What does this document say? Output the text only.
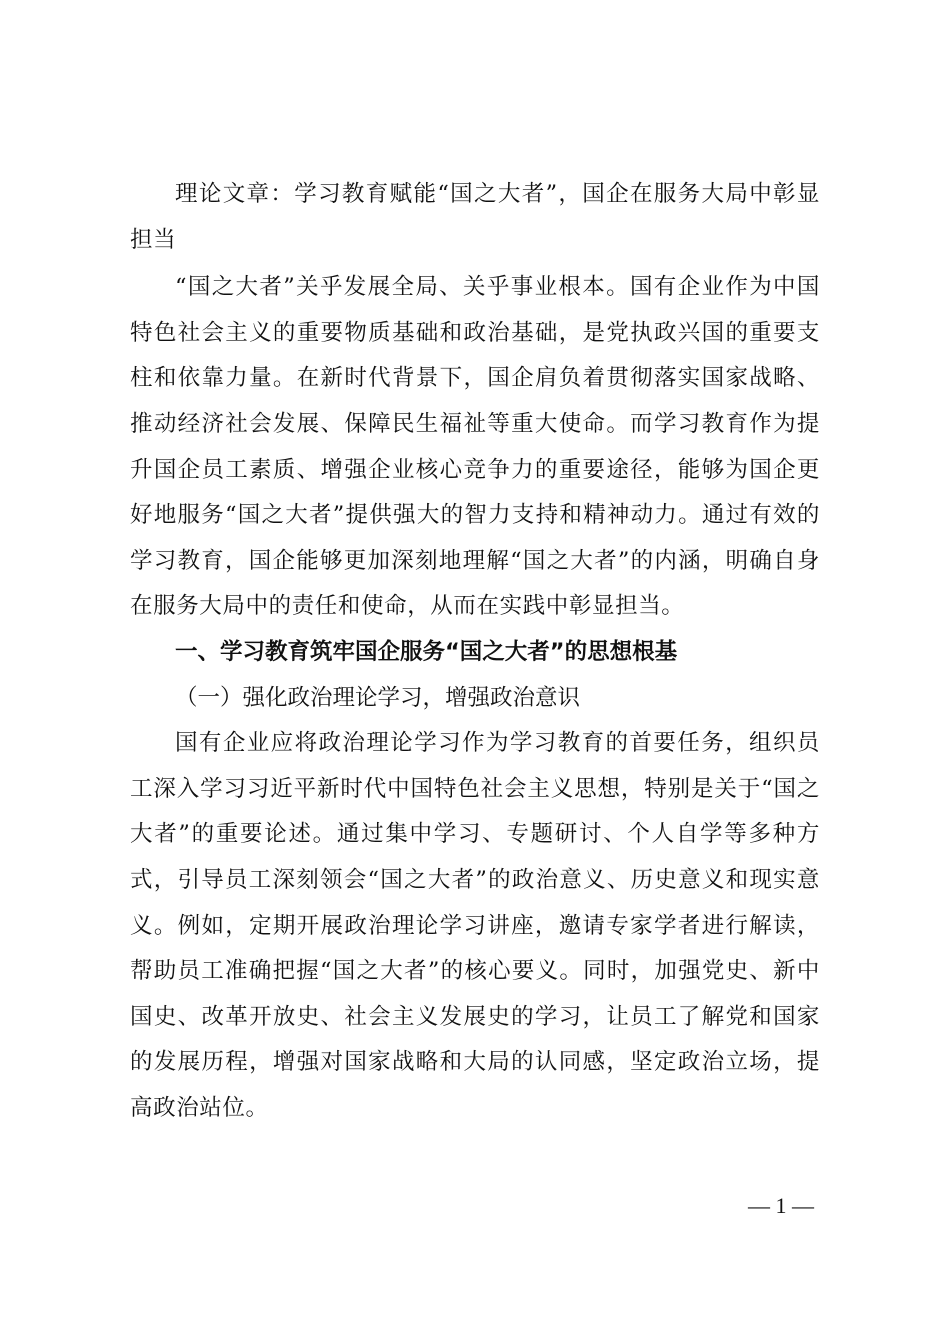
理论文章：学习教育赋能“国之大者”，国企在服务大局中彰显担当

“国之大者”关乎发展全局、关乎事业根本。国有企业作为中国特色社会主义的重要物质基础和政治基础，是党执政兴国的重要支柱和依靠力量。在新时代背景下，国企肩负着贯彻落实国家战略、推动经济社会发展、保障民生福祉等重大使命。而学习教育作为提升国企员工素质、增强企业核心竞争力的重要途径，能够为国企更好地服务“国之大者”提供强大的智力支持和精神动力。通过有效的学习教育，国企能够更加深刻地理解“国之大者”的内涵，明确自身在服务大局中的责任和使命，从而在实践中彰显担当。

一、学习教育筑牢国企服务“国之大者”的思想根基

（一）强化政治理论学习，增强政治意识

国有企业应将政治理论学习作为学习教育的首要任务，组织员工深入学习习近平新时代中国特色社会主义思想，特别是关于“国之大者”的重要论述。通过集中学习、专题研讨、个人自学等多种方式，引导员工深刻领会“国之大者”的政治意义、历史意义和现实意义。例如，定期开展政治理论学习讲座，邀请专家学者进行解读，帮助员工准确把握“国之大者”的核心要义。同时，加强党史、新中国史、改革开放史、社会主义发展史的学习，让员工了解党和国家的发展历程，增强对国家战略和大局的认同感，坚定政治立场，提高政治站位。

— 1 —
